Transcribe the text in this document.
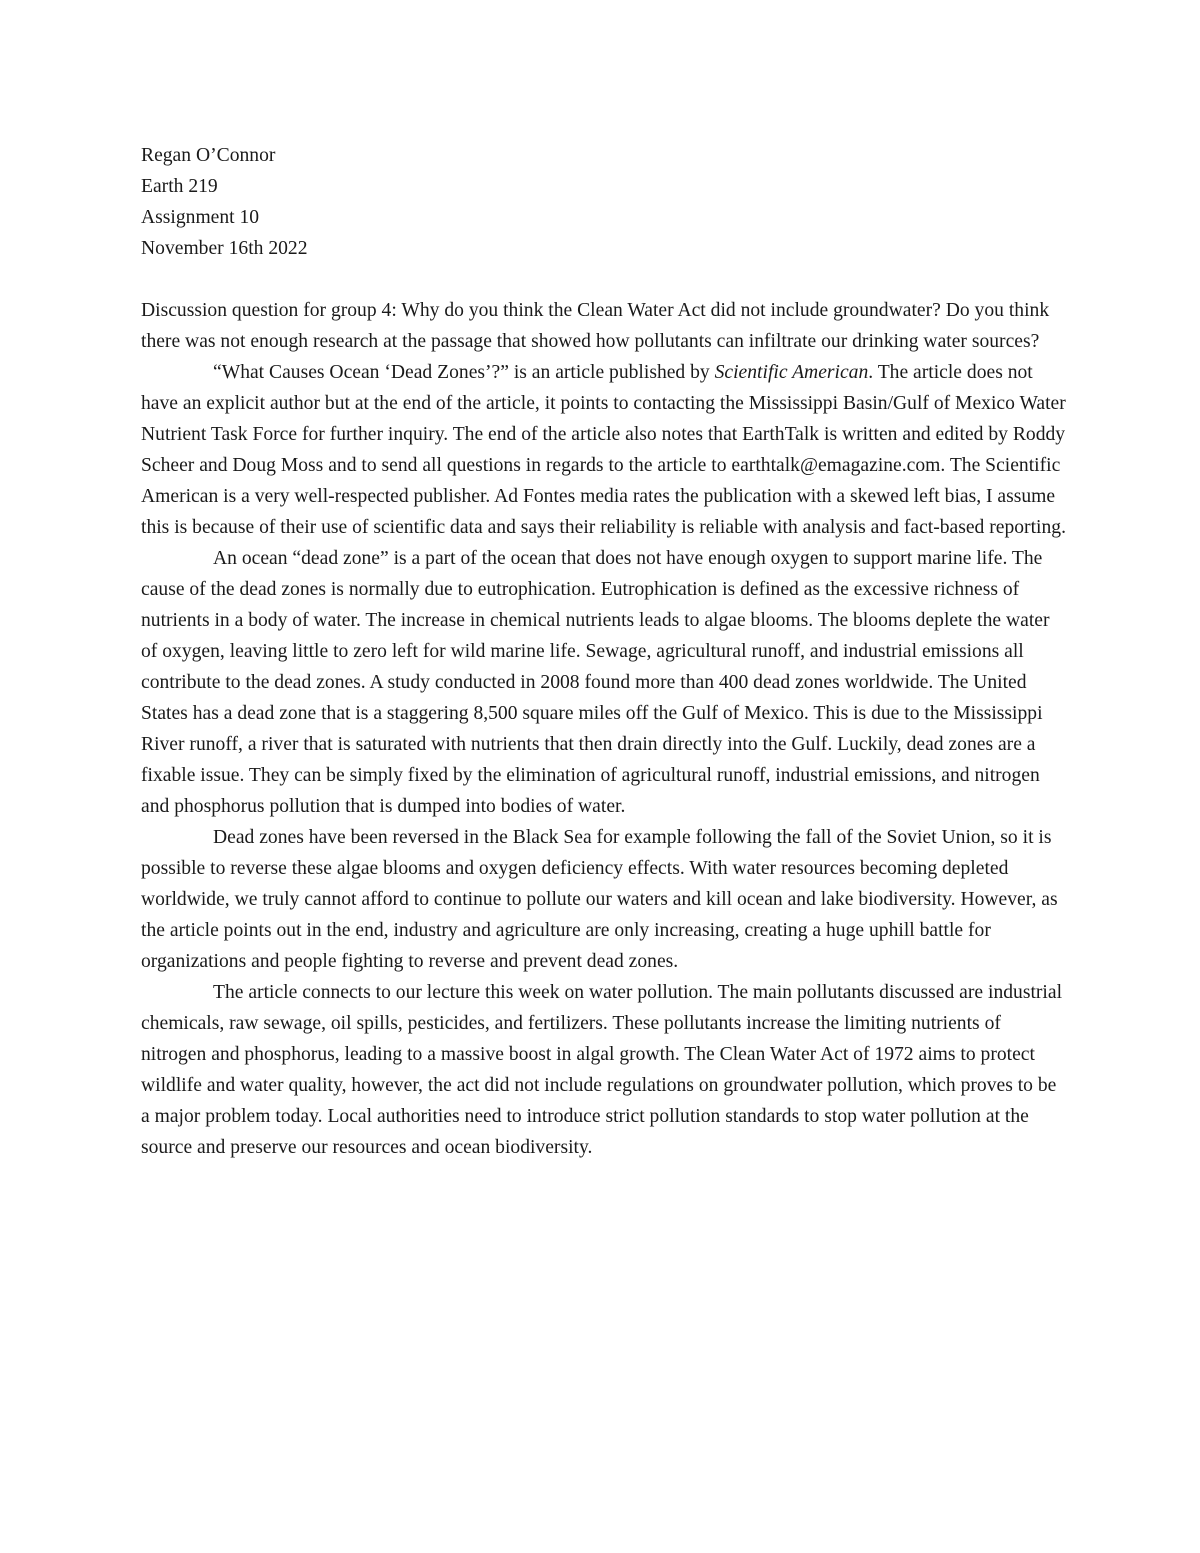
Regan O’Connor
Earth 219
Assignment 10
November 16th 2022

Discussion question for group 4: Why do you think the Clean Water Act did not include groundwater? Do you think there was not enough research at the passage that showed how pollutants can infiltrate our drinking water sources?

“What Causes Ocean ‘Dead Zones’?” is an article published by Scientific American. The article does not have an explicit author but at the end of the article, it points to contacting the Mississippi Basin/Gulf of Mexico Water Nutrient Task Force for further inquiry. The end of the article also notes that EarthTalk is written and edited by Roddy Scheer and Doug Moss and to send all questions in regards to the article to earthtalk@emagazine.com. The Scientific American is a very well-respected publisher. Ad Fontes media rates the publication with a skewed left bias, I assume this is because of their use of scientific data and says their reliability is reliable with analysis and fact-based reporting.

An ocean “dead zone” is a part of the ocean that does not have enough oxygen to support marine life. The cause of the dead zones is normally due to eutrophication. Eutrophication is defined as the excessive richness of nutrients in a body of water. The increase in chemical nutrients leads to algae blooms. The blooms deplete the water of oxygen, leaving little to zero left for wild marine life. Sewage, agricultural runoff, and industrial emissions all contribute to the dead zones. A study conducted in 2008 found more than 400 dead zones worldwide. The United States has a dead zone that is a staggering 8,500 square miles off the Gulf of Mexico. This is due to the Mississippi River runoff, a river that is saturated with nutrients that then drain directly into the Gulf. Luckily, dead zones are a fixable issue. They can be simply fixed by the elimination of agricultural runoff, industrial emissions, and nitrogen and phosphorus pollution that is dumped into bodies of water.

Dead zones have been reversed in the Black Sea for example following the fall of the Soviet Union, so it is possible to reverse these algae blooms and oxygen deficiency effects. With water resources becoming depleted worldwide, we truly cannot afford to continue to pollute our waters and kill ocean and lake biodiversity. However, as the article points out in the end, industry and agriculture are only increasing, creating a huge uphill battle for organizations and people fighting to reverse and prevent dead zones.

The article connects to our lecture this week on water pollution. The main pollutants discussed are industrial chemicals, raw sewage, oil spills, pesticides, and fertilizers. These pollutants increase the limiting nutrients of nitrogen and phosphorus, leading to a massive boost in algal growth. The Clean Water Act of 1972 aims to protect wildlife and water quality, however, the act did not include regulations on groundwater pollution, which proves to be a major problem today. Local authorities need to introduce strict pollution standards to stop water pollution at the source and preserve our resources and ocean biodiversity.
